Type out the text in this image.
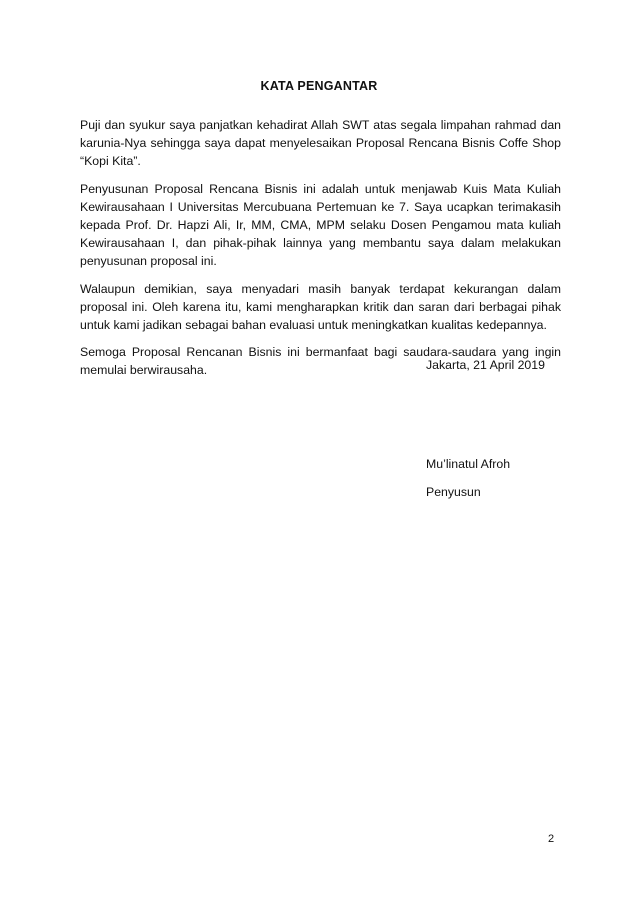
KATA PENGANTAR

Puji dan syukur saya panjatkan kehadirat Allah SWT atas segala limpahan rahmad dan karunia-Nya sehingga saya dapat menyelesaikan Proposal Rencana Bisnis Coffe Shop “Kopi Kita”.

Penyusunan Proposal Rencana Bisnis ini adalah untuk menjawab Kuis Mata Kuliah Kewirausahaan I Universitas Mercubuana Pertemuan ke 7. Saya ucapkan terimakasih kepada Prof. Dr. Hapzi Ali, Ir, MM, CMA, MPM selaku Dosen Pengamou mata kuliah Kewirausahaan I, dan pihak-pihak lainnya yang membantu saya dalam melakukan penyusunan proposal ini.

Walaupun demikian, saya menyadari masih banyak terdapat kekurangan dalam proposal ini. Oleh karena itu, kami mengharapkan kritik dan saran dari berbagai pihak untuk kami jadikan sebagai bahan evaluasi untuk meningkatkan kualitas kedepannya.

Semoga Proposal Rencanan Bisnis ini bermanfaat bagi saudara-saudara yang ingin memulai berwirausaha.	Jakarta, 21 April 2019
Mu’linatul Afroh
Penyusun
2
